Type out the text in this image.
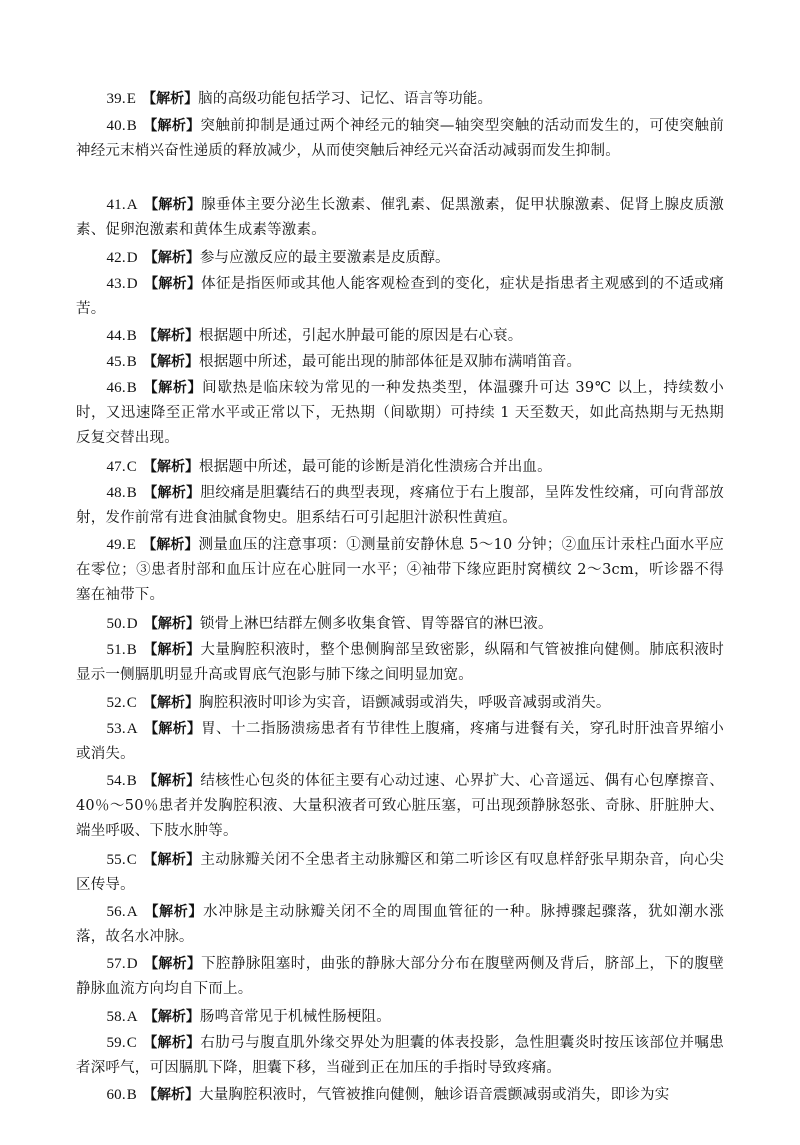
39.E 【解析】脑的高级功能包括学习、记忆、语言等功能。

40.B 【解析】突触前抑制是通过两个神经元的轴突—轴突型突触的活动而发生的，可使突触前神经元末梢兴奋性递质的释放减少，从而使突触后神经元兴奋活动减弱而发生抑制。

41.A 【解析】腺垂体主要分泌生长激素、催乳素、促黑激素，促甲状腺激素、促肾上腺皮质激素、促卵泡激素和黄体生成素等激素。

42.D 【解析】参与应激反应的最主要激素是皮质醇。

43.D 【解析】体征是指医师或其他人能客观检查到的变化，症状是指患者主观感到的不适或痛苦。

44.B 【解析】根据题中所述，引起水肿最可能的原因是右心衰。

45.B 【解析】根据题中所述，最可能出现的肺部体征是双肺布满哨笛音。

46.B 【解析】间歇热是临床较为常见的一种发热类型，体温骤升可达 39℃ 以上，持续数小时，又迅速降至正常水平或正常以下，无热期（间歇期）可持续 1 天至数天，如此高热期与无热期反复交替出现。

47.C 【解析】根据题中所述，最可能的诊断是消化性溃疡合并出血。

48.B 【解析】胆绞痛是胆囊结石的典型表现，疼痛位于右上腹部，呈阵发性绞痛，可向背部放射，发作前常有进食油腻食物史。胆系结石可引起胆汁淤积性黄疸。

49.E 【解析】测量血压的注意事项：①测量前安静休息 5～10 分钟；②血压计汞柱凸面水平应在零位；③患者肘部和血压计应在心脏同一水平；④袖带下缘应距肘窝横纹 2～3cm，听诊器不得塞在袖带下。

50.D 【解析】锁骨上淋巴结群左侧多收集食管、胃等器官的淋巴液。

51.B 【解析】大量胸腔积液时，整个患侧胸部呈致密影，纵隔和气管被推向健侧。肺底积液时显示一侧膈肌明显升高或胃底气泡影与肺下缘之间明显加宽。

52.C 【解析】胸腔积液时叩诊为实音，语颤减弱或消失，呼吸音减弱或消失。

53.A 【解析】胃、十二指肠溃疡患者有节律性上腹痛，疼痛与进餐有关，穿孔时肝浊音界缩小或消失。

54.B 【解析】结核性心包炎的体征主要有心动过速、心界扩大、心音遥远、偶有心包摩擦音、40％～50％患者并发胸腔积液、大量积液者可致心脏压塞，可出现颈静脉怒张、奇脉、肝脏肿大、端坐呼吸、下肢水肿等。

55.C 【解析】主动脉瓣关闭不全患者主动脉瓣区和第二听诊区有叹息样舒张早期杂音，向心尖区传导。

56.A 【解析】水冲脉是主动脉瓣关闭不全的周围血管征的一种。脉搏骤起骤落，犹如潮水涨落，故名水冲脉。

57.D 【解析】下腔静脉阻塞时，曲张的静脉大部分分布在腹壁两侧及背后，脐部上，下的腹壁静脉血流方向均自下而上。

58.A 【解析】肠鸣音常见于机械性肠梗阻。

59.C 【解析】右肋弓与腹直肌外缘交界处为胆囊的体表投影，急性胆囊炎时按压该部位并嘱患者深呼气，可因膈肌下降，胆囊下移，当碰到正在加压的手指时导致疼痛。

60.B 【解析】大量胸腔积液时，气管被推向健侧，触诊语音震颤减弱或消失，即诊为实
